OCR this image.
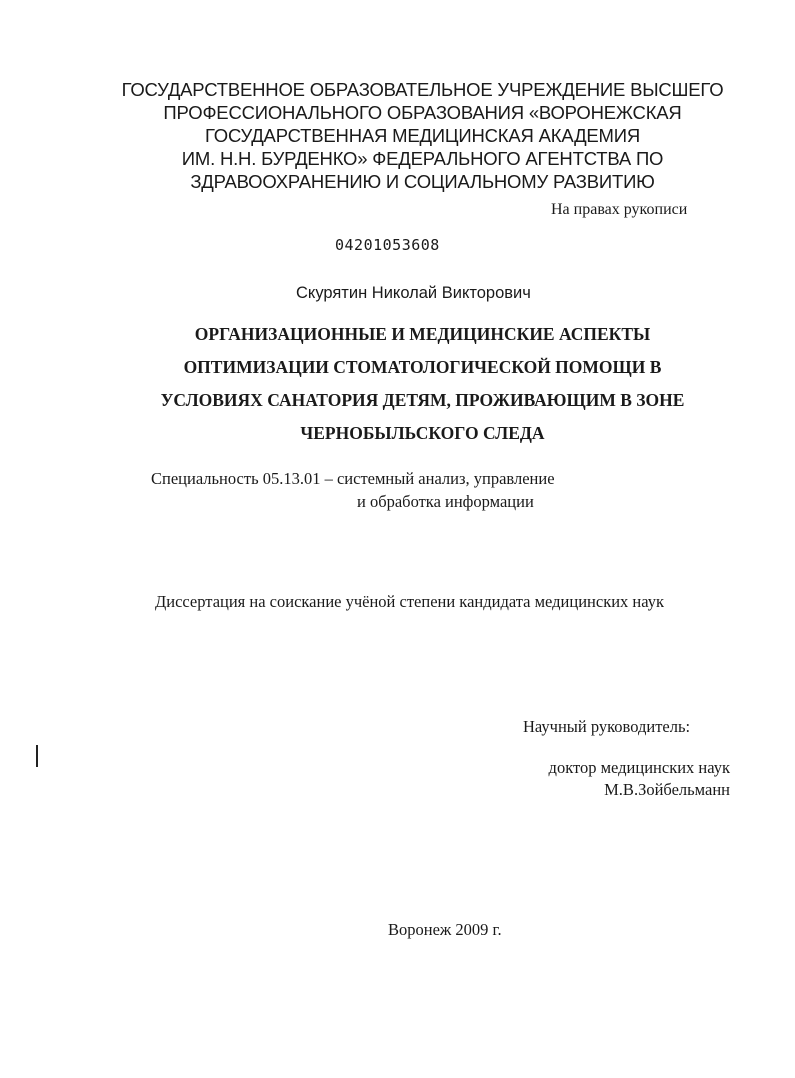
ГОСУДАРСТВЕННОЕ ОБРАЗОВАТЕЛЬНОЕ УЧРЕЖДЕНИЕ ВЫСШЕГО
ПРОФЕССИОНАЛЬНОГО ОБРАЗОВАНИЯ «ВОРОНЕЖСКАЯ
ГОСУДАРСТВЕННАЯ МЕДИЦИНСКАЯ АКАДЕМИЯ
ИМ. Н.Н. БУРДЕНКО» ФЕДЕРАЛЬНОГО АГЕНТСТВА ПО
ЗДРАВООХРАНЕНИЮ И СОЦИАЛЬНОМУ РАЗВИТИЮ
На правах рукописи
04201053608
Скурятин Николай Викторович
ОРГАНИЗАЦИОННЫЕ И МЕДИЦИНСКИЕ АСПЕКТЫ
ОПТИМИЗАЦИИ СТОМАТОЛОГИЧЕСКОЙ ПОМОЩИ В
УСЛОВИЯХ САНАТОРИЯ ДЕТЯМ, ПРОЖИВАЮЩИМ В ЗОНЕ
ЧЕРНОБЫЛЬСКОГО СЛЕДА
Специальность 05.13.01 – системный анализ, управление
и обработка информации
Диссертация на соискание учёной степени кандидата медицинских наук
Научный руководитель:
доктор медицинских наук
М.В.Зойбельманн
Воронеж 2009 г.
